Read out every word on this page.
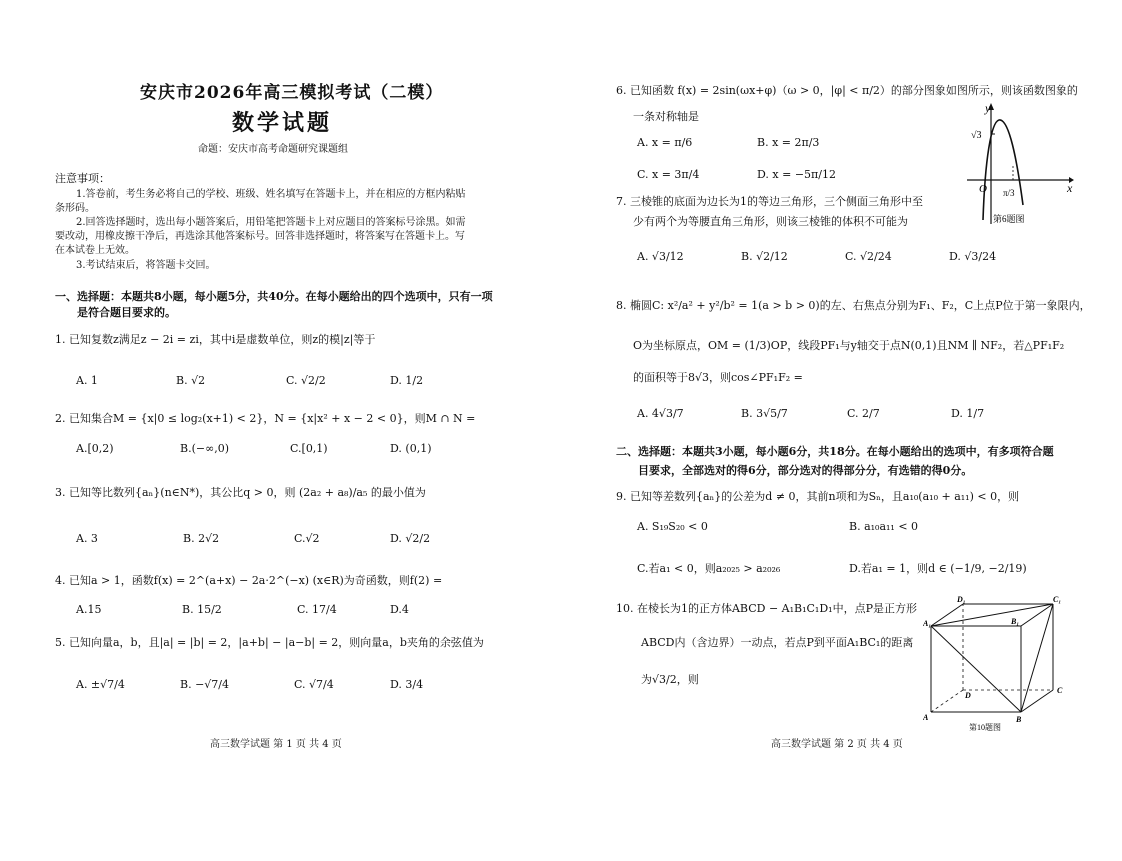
安庆市2026年高三模拟考试（二模）
数学试题
命题：安庆市高考命题研究课题组
注意事项：
1.答卷前，考生务必将自己的学校、班级、姓名填写在答题卡上，并在相应的方框内粘贴
条形码。
2.回答选择题时，选出每小题答案后，用铅笔把答题卡上对应题目的答案标号涂黑。如需
要改动，用橡皮擦干净后，再选涂其他答案标号。回答非选择题时，将答案写在答题卡上。写
在本试卷上无效。
3.考试结束后，将答题卡交回。
一、选择题：本题共8小题，每小题5分，共40分。在每小题给出的四个选项中，只有一项
是符合题目要求的。
1. 已知复数z满足z − 2i = zi，其中i是虚数单位，则z的模|z|等于
A. 1	B. √2	C. √2/2	D. 1/2
2. 已知集合M = {x|0 ≤ log₂(x+1) < 2}，N = {x|x² + x − 2 < 0}，则M ∩ N =
A.[0,2)	B.(−∞,0)	C.[0,1)	D. (0,1)
3. 已知等比数列{aₙ}(n∈N*)，其公比q > 0，则 (2a₂ + a₈)/a₅ 的最小值为
A. 3	B. 2√2	C.√2	D. √2/2
4. 已知a > 1，函数f(x) = 2^(a+x) − 2a·2^(−x) (x∈R)为奇函数，则f(2) =
A.15	B. 15/2	C. 17/4	D.4
5. 已知向量a，b，且|a| = |b| = 2，|a+b| − |a−b| = 2，则向量a，b夹角的余弦值为
A. ±√7/4	B. −√7/4	C. √7/4	D. 3/4
高三数学试题 第 1 页 共 4 页
6. 已知函数 f(x) = 2sin(ωx+φ)（ω > 0，|φ| < π/2）的部分图象如图所示，则该函数图象的
一条对称轴是
A. x = π/6	B. x = 2π/3
C. x = 3π/4	D. x = −5π/12
y
x
O
√3
π/3
第6题图
7. 三棱锥的底面为边长为1的等边三角形，三个侧面三角形中至
少有两个为等腰直角三角形，则该三棱锥的体积不可能为
A. √3/12	B. √2/12	C. √2/24	D. √3/24
8. 椭圆C: x²/a² + y²/b² = 1(a > b > 0)的左、右焦点分别为F₁、F₂，C上点P位于第一象限内，
O为坐标原点，OM = (1/3)OP，线段PF₁与y轴交于点N(0,1)且NM ∥ NF₂，若△PF₁F₂
的面积等于8√3，则cos∠PF₁F₂ =
A. 4√3/7	B. 3√5/7	C. 2/7	D. 1/7
二、选择题：本题共3小题，每小题6分，共18分。在每小题给出的选项中，有多项符合题
目要求，全部选对的得6分，部分选对的得部分分，有选错的得0分。
9. 已知等差数列{aₙ}的公差为d ≠ 0，其前n项和为Sₙ，且a₁₀(a₁₀ + a₁₁) < 0，则
A. S₁₉S₂₀ < 0	B. a₁₀a₁₁ < 0
C.若a₁ < 0，则a₂₀₂₅ > a₂₀₂₆	D.若a₁ = 1，则d ∈ (−1/9, −2/19)
10. 在棱长为1的正方体ABCD − A₁B₁C₁D₁中，点P是正方形
ABCD内（含边界）一动点，若点P到平面A₁BC₁的距离
为√3/2，则
A	B
C
D
A₁	B₁
C₁
D₁
第10题图
高三数学试题 第 2 页 共 4 页
